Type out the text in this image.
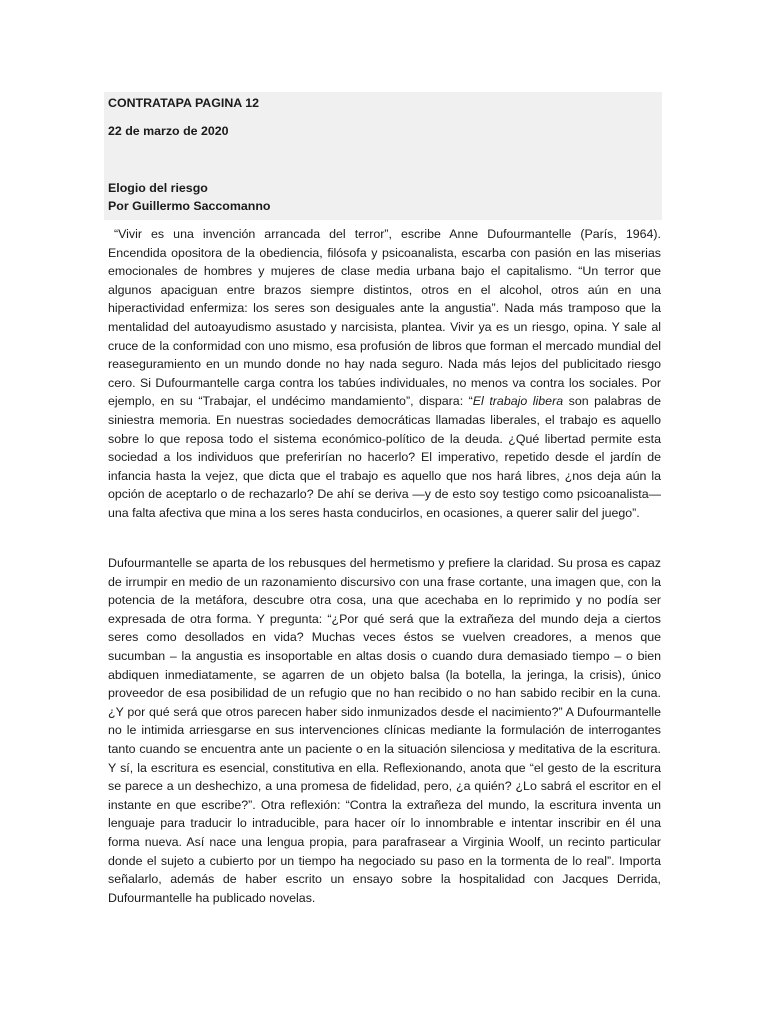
CONTRATAPA PAGINA 12
22 de marzo de 2020
Elogio del riesgo
Por Guillermo Saccomanno

“Vivir es una invención arrancada del terror”, escribe Anne Dufourmantelle (París, 1964). Encendida opositora de la obediencia, filósofa y psicoanalista, escarba con pasión en las miserias emocionales de hombres y mujeres de clase media urbana bajo el capitalismo. “Un terror que algunos apaciguan entre brazos siempre distintos, otros en el alcohol, otros aún en una hiperactividad enfermiza: los seres son desiguales ante la angustia”. Nada más tramposo que la mentalidad del autoayudismo asustado y narcisista, plantea. Vivir ya es un riesgo, opina. Y sale al cruce de la conformidad con uno mismo, esa profusión de libros que forman el mercado mundial del reaseguramiento en un mundo donde no hay nada seguro. Nada más lejos del publicitado riesgo cero. Si Dufourmantelle carga contra los tabúes individuales, no menos va contra los sociales. Por ejemplo, en su “Trabajar, el undécimo mandamiento”, dispara: “El trabajo libera son palabras de siniestra memoria. En nuestras sociedades democráticas llamadas liberales, el trabajo es aquello sobre lo que reposa todo el sistema económico-político de la deuda. ¿Qué libertad permite esta sociedad a los individuos que preferirían no hacerlo? El imperativo, repetido desde el jardín de infancia hasta la vejez, que dicta que el trabajo es aquello que nos hará libres, ¿nos deja aún la opción de aceptarlo o de rechazarlo? De ahí se deriva —y de esto soy testigo como psicoanalista— una falta afectiva que mina a los seres hasta conducirlos, en ocasiones, a querer salir del juego”.

Dufourmantelle se aparta de los rebusques del hermetismo y prefiere la claridad. Su prosa es capaz de irrumpir en medio de un razonamiento discursivo con una frase cortante, una imagen que, con la potencia de la metáfora, descubre otra cosa, una que acechaba en lo reprimido y no podía ser expresada de otra forma. Y pregunta: “¿Por qué será que la extrañeza del mundo deja a ciertos seres como desollados en vida? Muchas veces éstos se vuelven creadores, a menos que sucumban – la angustia es insoportable en altas dosis o cuando dura demasiado tiempo – o bien abdiquen inmediatamente, se agarren de un objeto balsa (la botella, la jeringa, la crisis), único proveedor de esa posibilidad de un refugio que no han recibido o no han sabido recibir en la cuna. ¿Y por qué será que otros parecen haber sido inmunizados desde el nacimiento?” A Dufourmantelle no le intimida arriesgarse en sus intervenciones clínicas mediante la formulación de interrogantes tanto cuando se encuentra ante un paciente o en la situación silenciosa y meditativa de la escritura. Y sí, la escritura es esencial, constitutiva en ella. Reflexionando, anota que “el gesto de la escritura se parece a un deshechizo, a una promesa de fidelidad, pero, ¿a quién? ¿Lo sabrá el escritor en el instante en que escribe?”. Otra reflexión: “Contra la extrañeza del mundo, la escritura inventa un lenguaje para traducir lo intraducible, para hacer oír lo innombrable e intentar inscribir en él una forma nueva. Así nace una lengua propia, para parafrasear a Virginia Woolf, un recinto particular donde el sujeto a cubierto por un tiempo ha negociado su paso en la tormenta de lo real”. Importa señalarlo, además de haber escrito un ensayo sobre la hospitalidad con Jacques Derrida, Dufourmantelle ha publicado novelas.
